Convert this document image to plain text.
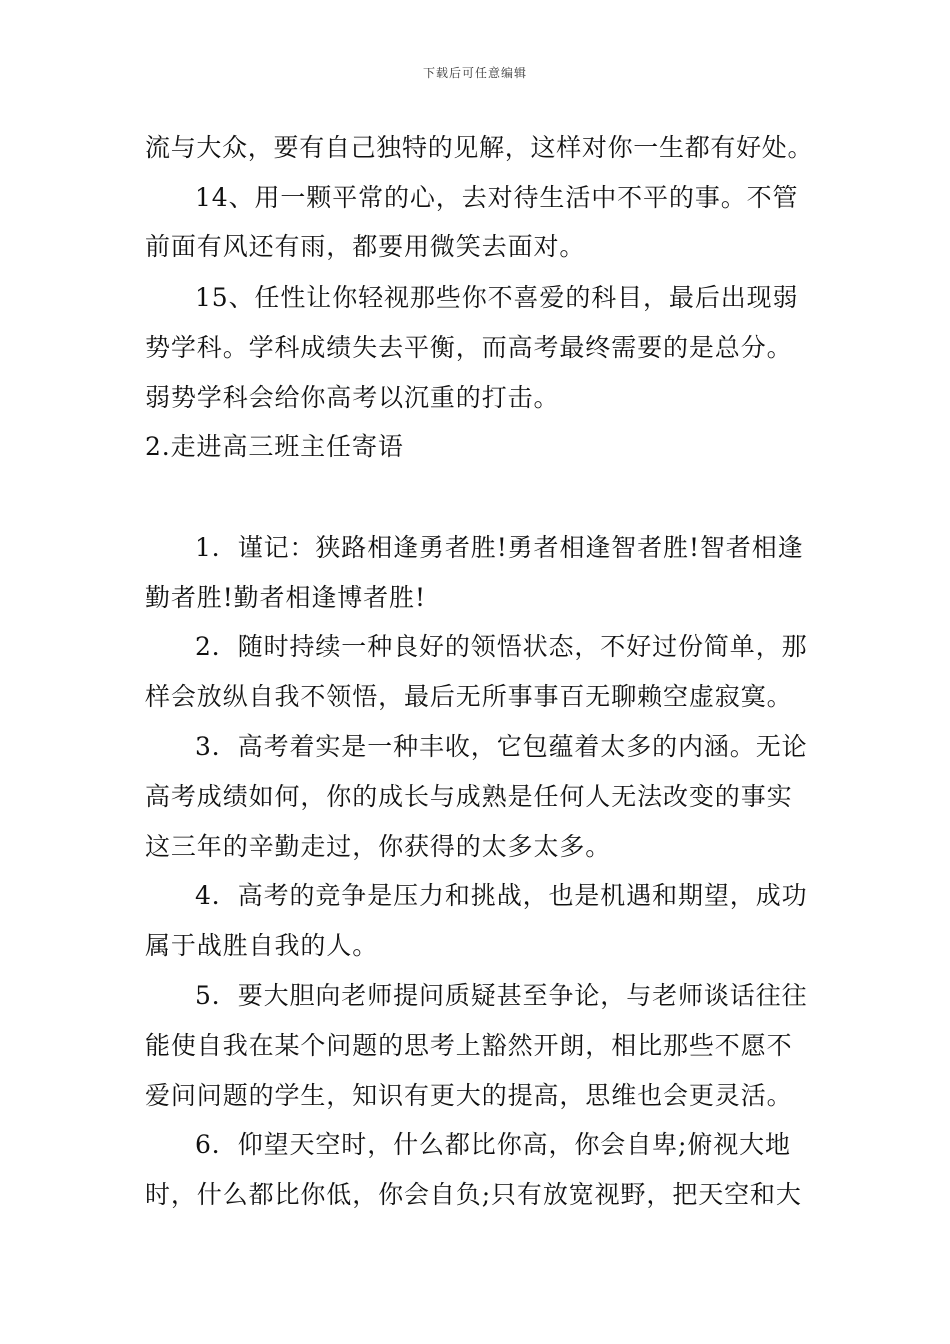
下载后可任意编辑
流与大众，要有自己独特的见解，这样对你一生都有好处。
14、用一颗平常的心，去对待生活中不平的事。不管
前面有风还有雨，都要用微笑去面对。
15、任性让你轻视那些你不喜爱的科目，最后出现弱
势学科。学科成绩失去平衡，而高考最终需要的是总分。
弱势学科会给你高考以沉重的打击。
2.走进高三班主任寄语
1．谨记：狭路相逢勇者胜!勇者相逢智者胜!智者相逢
勤者胜!勤者相逢博者胜!
2．随时持续一种良好的领悟状态，不好过份简单，那
样会放纵自我不领悟，最后无所事事百无聊赖空虚寂寞。
3．高考着实是一种丰收，它包蕴着太多的内涵。无论
高考成绩如何，你的成长与成熟是任何人无法改变的事实
这三年的辛勤走过，你获得的太多太多。
4．高考的竞争是压力和挑战，也是机遇和期望，成功
属于战胜自我的人。
5．要大胆向老师提问质疑甚至争论，与老师谈话往往
能使自我在某个问题的思考上豁然开朗，相比那些不愿不
爱问问题的学生，知识有更大的提高，思维也会更灵活。
6．仰望天空时，什么都比你高，你会自卑;俯视大地
时，什么都比你低，你会自负;只有放宽视野，把天空和大
